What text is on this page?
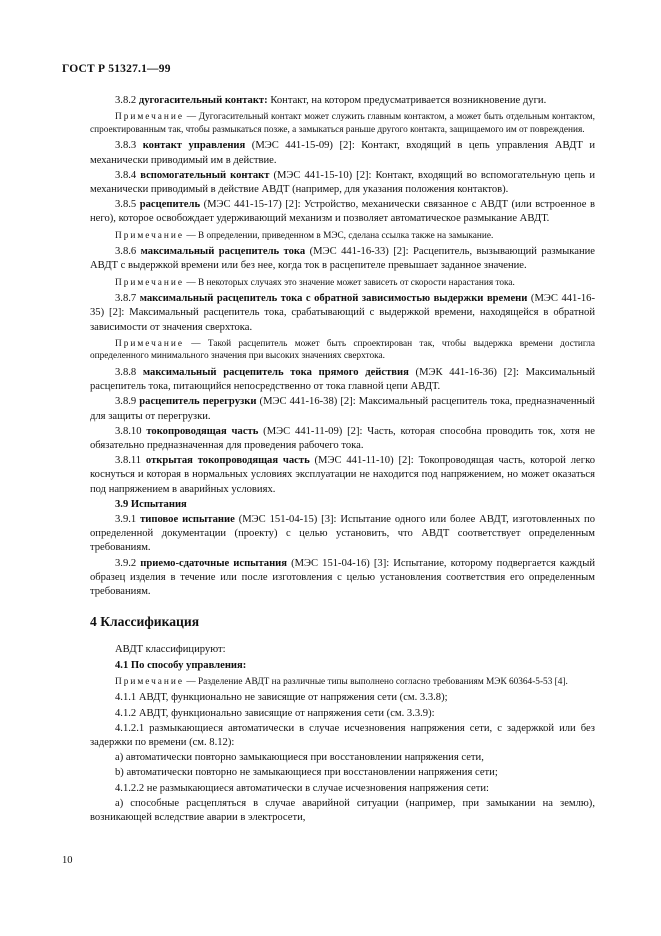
ГОСТ Р 51327.1—99
3.8.2 дугогасительный контакт: Контакт, на котором предусматривается возникновение дуги.
Примечание — Дугогасительный контакт может служить главным контактом, а может быть отдельным контактом, спроектированным так, чтобы размыкаться позже, а замыкаться раньше другого контакта, защищаемого им от повреждения.
3.8.3 контакт управления (МЭС 441-15-09) [2]: Контакт, входящий в цепь управления АВДТ и механически приводимый им в действие.
3.8.4 вспомогательный контакт (МЭС 441-15-10) [2]: Контакт, входящий во вспомогательную цепь и механически приводимый в действие АВДТ (например, для указания положения контактов).
3.8.5 расцепитель (МЭС 441-15-17) [2]: Устройство, механически связанное с АВДТ (или встроенное в него), которое освобождает удерживающий механизм и позволяет автоматическое размыкание АВДТ.
Примечание — В определении, приведенном в МЭС, сделана ссылка также на замыкание.
3.8.6 максимальный расцепитель тока (МЭС 441-16-33) [2]: Расцепитель, вызывающий размыкание АВДТ с выдержкой времени или без нее, когда ток в расцепителе превышает заданное значение.
Примечание — В некоторых случаях это значение может зависеть от скорости нарастания тока.
3.8.7 максимальный расцепитель тока с обратной зависимостью выдержки времени (МЭС 441-16-35) [2]: Максимальный расцепитель тока, срабатывающий с выдержкой времени, находящейся в обратной зависимости от значения сверхтока.
Примечание — Такой расцепитель может быть спроектирован так, чтобы выдержка времени достигла определенного минимального значения при высоких значениях сверхтока.
3.8.8 максимальный расцепитель тока прямого действия (МЭК 441-16-36) [2]: Максимальный расцепитель тока, питающийся непосредственно от тока главной цепи АВДТ.
3.8.9 расцепитель перегрузки (МЭС 441-16-38) [2]: Максимальный расцепитель тока, предназначенный для защиты от перегрузки.
3.8.10 токопроводящая часть (МЭС 441-11-09) [2]: Часть, которая способна проводить ток, хотя не обязательно предназначенная для проведения рабочего тока.
3.8.11 открытая токопроводящая часть (МЭС 441-11-10) [2]: Токопроводящая часть, которой легко коснуться и которая в нормальных условиях эксплуатации не находится под напряжением, но может оказаться под напряжением в аварийных условиях.
3.9 Испытания
3.9.1 типовое испытание (МЭС 151-04-15) [3]: Испытание одного или более АВДТ, изготовленных по определенной документации (проекту) с целью установить, что АВДТ соответствует определенным требованиям.
3.9.2 приемо-сдаточные испытания (МЭС 151-04-16) [3]: Испытание, которому подвергается каждый образец изделия в течение или после изготовления с целью установления соответствия его определенным требованиям.
4 Классификация
АВДТ классифицируют:
4.1 По способу управления:
Примечание — Разделение АВДТ на различные типы выполнено согласно требованиям МЭК 60364-5-53 [4].
4.1.1 АВДТ, функционально не зависящие от напряжения сети (см. 3.3.8);
4.1.2 АВДТ, функционально зависящие от напряжения сети (см. 3.3.9):
4.1.2.1 размыкающиеся автоматически в случае исчезновения напряжения сети, с задержкой или без задержки по времени (см. 8.12):
a) автоматически повторно замыкающиеся при восстановлении напряжения сети,
b) автоматически повторно не замыкающиеся при восстановлении напряжения сети;
4.1.2.2 не размыкающиеся автоматически в случае исчезновения напряжения сети:
a) способные расцепляться в случае аварийной ситуации (например, при замыкании на землю), возникающей вследствие аварии в электросети,
10
